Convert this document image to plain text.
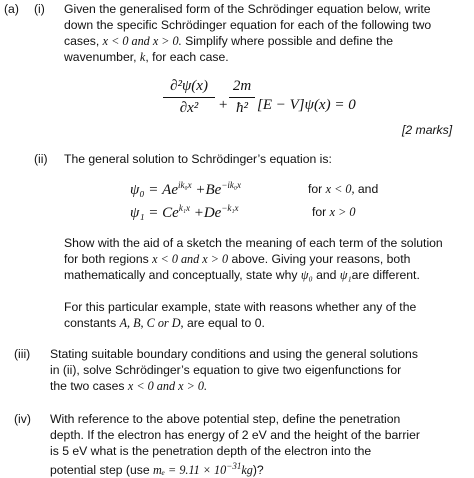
(a) (i) Given the generalised form of the Schrödinger equation below, write
down the specific Schrödinger equation for each of the following two
cases, x < 0 and x > 0. Simplify where possible and define the
wavenumber, k, for each case.
∂²ψ(x)
∂x²	+
2m
ħ² [E − V]ψ(x) = 0
[2 marks]
(ii) The general solution to Schrödinger’s equation is:
$\psi_0 = Ae^{ik_0x} +Be^{-ik_0x}$	for x < 0, and
$\psi_1 = Ce^{k_1x} +De^{-k_1x}$	for x > 0
Show with the aid of a sketch the meaning of each term of the solution
for both regions x < 0 and x > 0 above. Giving your reasons, both
mathematically and conceptually, state why ψ₀ and ψ₁are different.
For this particular example, state with reasons whether any of the
constants A, B, C or D, are equal to 0.
(iii) Stating suitable boundary conditions and using the general solutions
in (ii), solve Schrödinger’s equation to give two eigenfunctions for
the two cases x < 0 and x > 0.
(iv) With reference to the above potential step, define the penetration
depth. If the electron has energy of 2 eV and the height of the barrier
is 5 eV what is the penetration depth of the electron into the
potential step (use $m_e = 9.11 \times 10^{-31}kg$)?
